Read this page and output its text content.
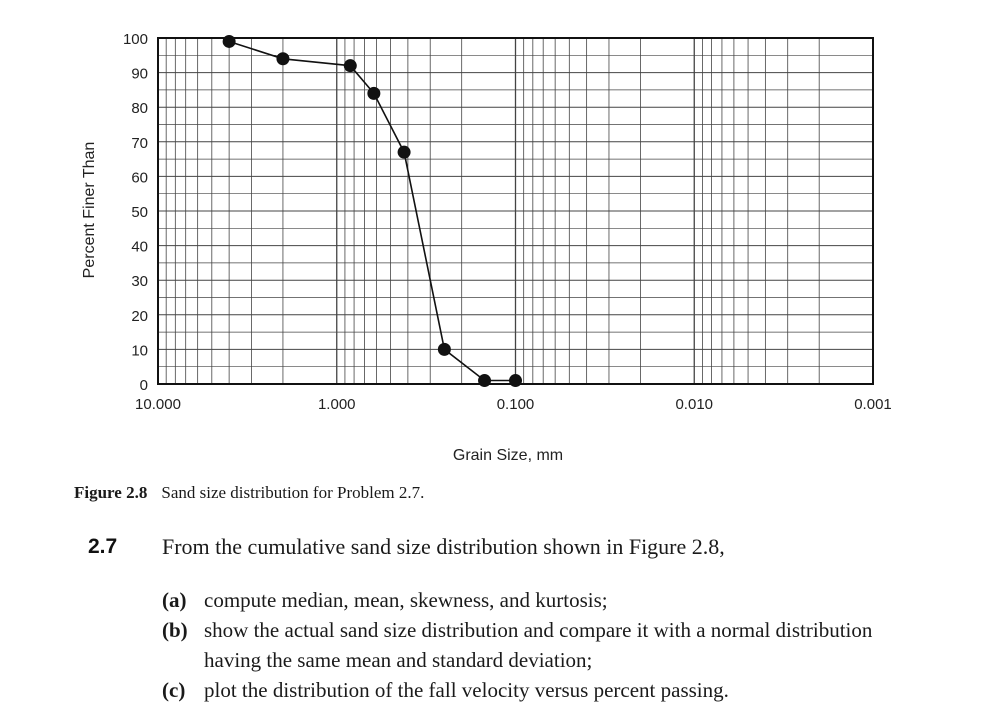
0
10
20
30
40
50
60
70
80
90
100
10.000	1.000	0.100	0.010	0.001
Percent Finer Than
Grain Size, mm
Figure 2.8 Sand size distribution for Problem 2.7.
2.7 From the cumulative sand size distribution shown in Figure 2.8,
(a) compute median, mean, skewness, and kurtosis;
(b) show the actual sand size distribution and compare it with a normal distribution having the same mean and standard deviation;
(c) plot the distribution of the fall velocity versus percent passing.
